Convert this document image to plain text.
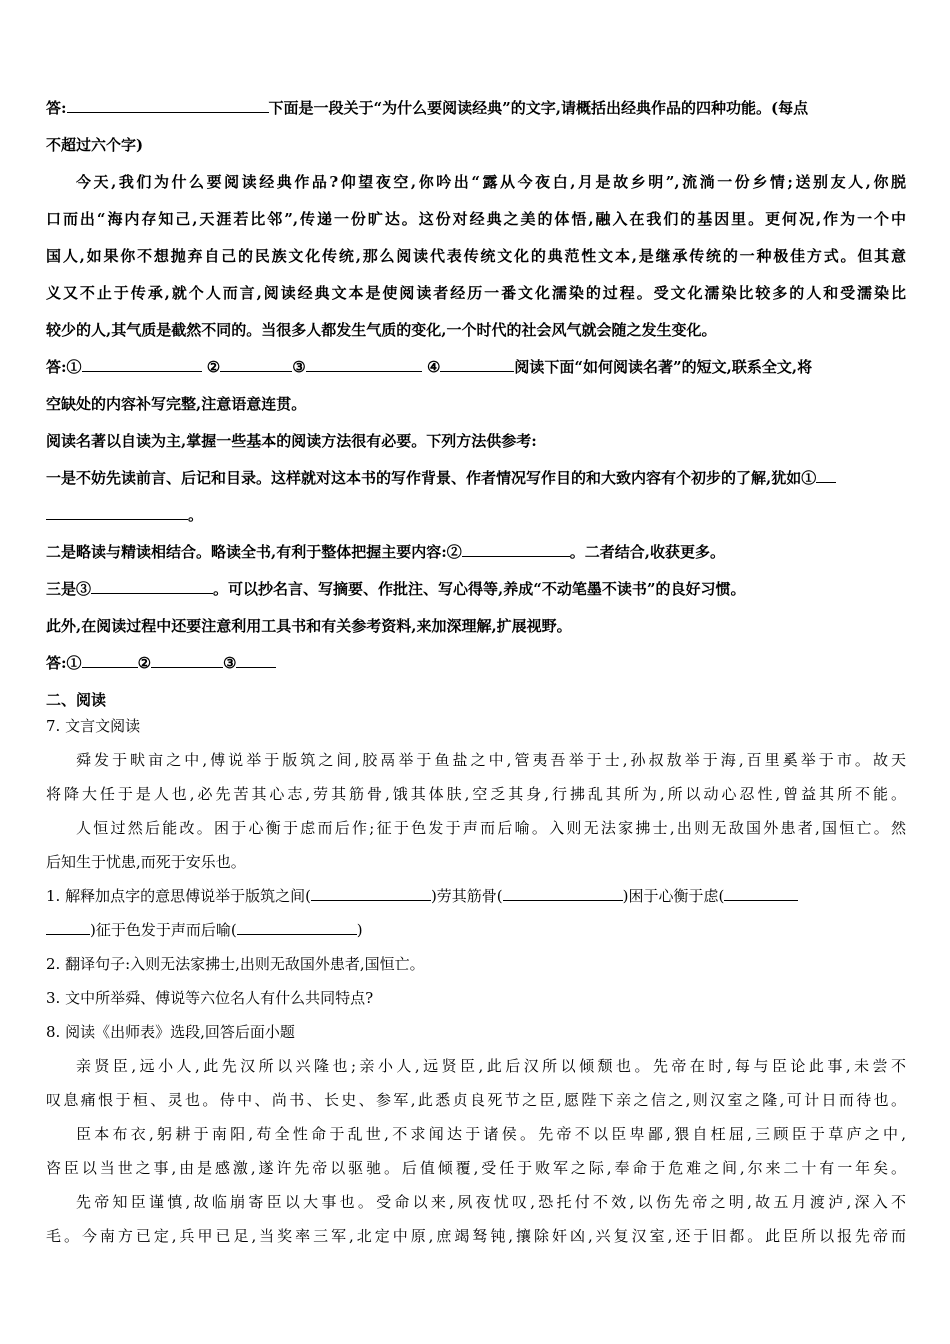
答:	下面是一段关于“为什么要阅读经典”的文字,请概括出经典作品的四种功能。(每点

不超过六个字)

今天,我们为什么要阅读经典作品?仰望夜空,你吟出“露从今夜白,月是故乡明”,流淌一份乡情;送别友人,你脱

口而出“海内存知己,天涯若比邻”,传递一份旷达。这份对经典之美的体悟,融入在我们的基因里。更何况,作为一个中

国人,如果你不想抛弃自己的民族文化传统,那么阅读代表传统文化的典范性文本,是继承传统的一种极佳方式。但其意

义又不止于传承,就个人而言,阅读经典文本是使阅读者经历一番文化濡染的过程。受文化濡染比较多的人和受濡染比

较少的人,其气质是截然不同的。当很多人都发生气质的变化,一个时代的社会风气就会随之发生变化。

答:①	②	③	④	阅读下面“如何阅读名著”的短文,联系全文,将

空缺处的内容补写完整,注意语意连贯。

阅读名著以自读为主,掌握一些基本的阅读方法很有必要。下列方法供参考:

一是不妨先读前言、后记和目录。这样就对这本书的写作背景、作者情况写作目的和大致内容有个初步的了解,犹如①

。

二是略读与精读相结合。略读全书,有利于整体把握主要内容:②	。二者结合,收获更多。

三是③	。可以抄名言、写摘要、作批注、写心得等,养成“不动笔墨不读书”的良好习惯。

此外,在阅读过程中还要注意利用工具书和有关参考资料,来加深理解,扩展视野。

答:①	②	③

二、阅读

7. 文言文阅读

舜发于畎亩之中,傅说举于版筑之间,胶鬲举于鱼盐之中,管夷吾举于士,孙叔敖举于海,百里奚举于市。故天

将降大任于是人也,必先苦其心志,劳其筋骨,饿其体肤,空乏其身,行拂乱其所为,所以动心忍性,曾益其所不能。

人恒过然后能改。困于心衡于虑而后作;征于色发于声而后喻。入则无法家拂士,出则无敌国外患者,国恒亡。然

后知生于忧患,而死于安乐也。

1. 解释加点字的意思傅说举于版筑之间(	)劳其筋骨(	)困于心衡于虑(

)征于色发于声而后喻(	)

2. 翻译句子:入则无法家拂士,出则无敌国外患者,国恒亡。

3. 文中所举舜、傅说等六位名人有什么共同特点?

8. 阅读《出师表》选段,回答后面小题

亲贤臣,远小人,此先汉所以兴隆也;亲小人,远贤臣,此后汉所以倾颓也。先帝在时,每与臣论此事,未尝不

叹息痛恨于桓、灵也。侍中、尚书、长史、参军,此悉贞良死节之臣,愿陛下亲之信之,则汉室之隆,可计日而待也。

臣本布衣,躬耕于南阳,苟全性命于乱世,不求闻达于诸侯。先帝不以臣卑鄙,猥自枉屈,三顾臣于草庐之中,

咨臣以当世之事,由是感激,遂许先帝以驱驰。后值倾覆,受任于败军之际,奉命于危难之间,尔来二十有一年矣。

先帝知臣谨慎,故临崩寄臣以大事也。受命以来,夙夜忧叹,恐托付不效,以伤先帝之明,故五月渡泸,深入不

毛。今南方已定,兵甲已足,当奖率三军,北定中原,庶竭驽钝,攘除奸凶,兴复汉室,还于旧都。此臣所以报先帝而
